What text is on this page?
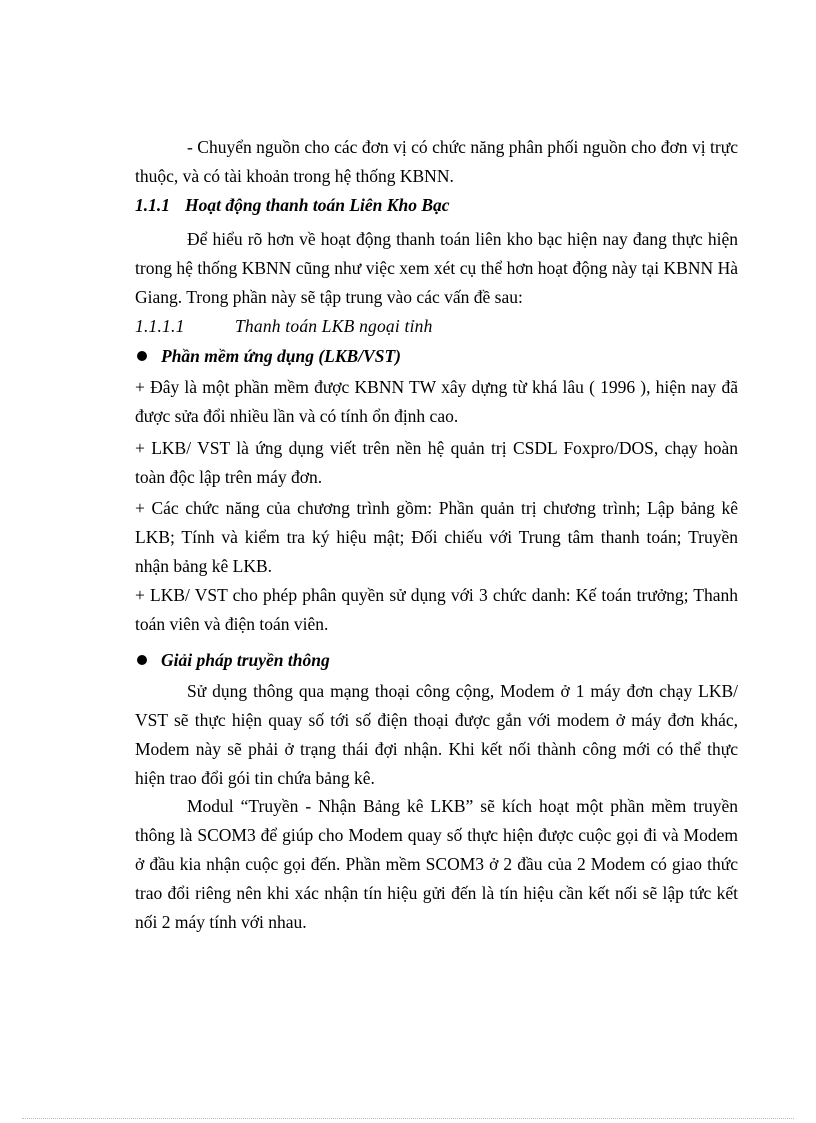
- Chuyển nguồn cho các đơn vị có chức năng phân phối nguồn cho đơn vị trực thuộc, và có tài khoản trong hệ thống KBNN.
1.1.1 Hoạt động thanh toán Liên Kho Bạc
Để hiểu rõ hơn về hoạt động thanh toán liên kho bạc hiện nay đang thực hiện trong hệ thống KBNN cũng như việc xem xét cụ thể hơn hoạt động này tại KBNN Hà Giang. Trong phần này sẽ tập trung vào các vấn đề sau:
1.1.1.1	Thanh toán LKB ngoại tỉnh
Phần mềm ứng dụng (LKB/VST)
+ Đây là một phần mềm được KBNN TW xây dựng từ khá lâu ( 1996 ), hiện nay đã được sửa đổi nhiều lần và có tính ổn định cao.
+ LKB/ VST là ứng dụng viết trên nền hệ quản trị CSDL Foxpro/DOS, chạy hoàn toàn độc lập trên máy đơn.
+ Các chức năng của chương trình gồm: Phần quản trị chương trình; Lập bảng kê LKB; Tính và kiểm tra ký hiệu mật; Đối chiếu với Trung tâm thanh toán; Truyền nhận bảng kê LKB.
+ LKB/ VST cho phép phân quyền sử dụng với 3 chức danh: Kế toán trưởng; Thanh toán viên và điện toán viên.
Giải pháp truyền thông
Sử dụng thông qua mạng thoại công cộng, Modem ở 1 máy đơn chạy LKB/ VST sẽ thực hiện quay số tới số điện thoại được gắn với modem ở máy đơn khác, Modem này sẽ phải ở trạng thái đợi nhận. Khi kết nối thành công mới có thể thực hiện trao đổi gói tin chứa bảng kê.
Modul “Truyền - Nhận Bảng kê LKB” sẽ kích hoạt một phần mềm truyền thông là SCOM3 để giúp cho Modem quay số thực hiện được cuộc gọi đi và Modem ở đầu kia nhận cuộc gọi đến. Phần mềm SCOM3 ở 2 đầu của 2 Modem có giao thức trao đổi riêng nên khi xác nhận tín hiệu gửi đến là tín hiệu cần kết nối sẽ lập tức kết nối 2 máy tính với nhau.
